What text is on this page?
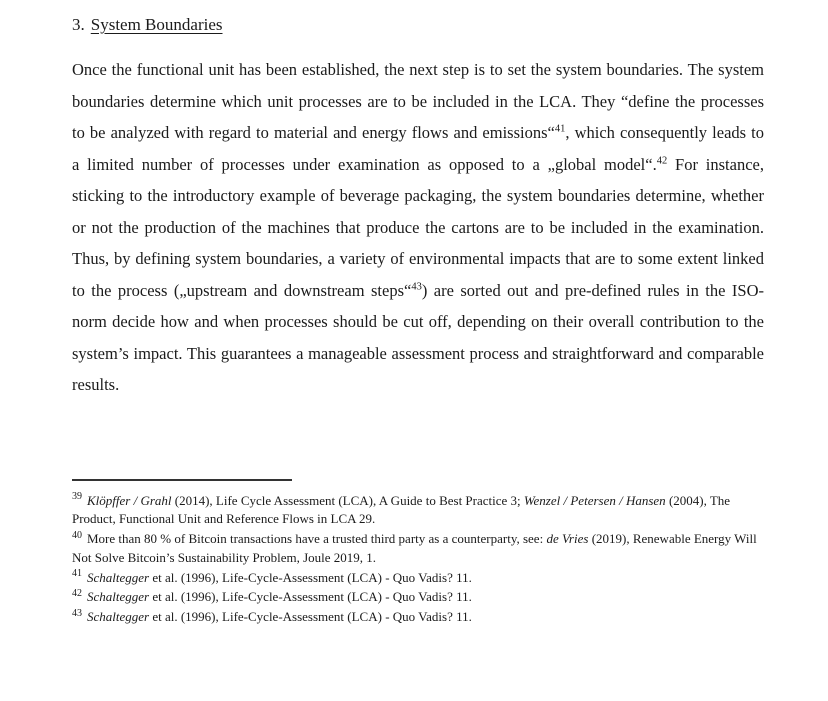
3. System Boundaries

Once the functional unit has been established, the next step is to set the system boundaries. The system boundaries determine which unit processes are to be included in the LCA. They “define the processes to be analyzed with regard to material and energy flows and emissions“$^{41}$, which consequently leads to a limited number of processes under examination as opposed to a „global model“.$^{42}$ For instance, sticking to the introductory example of beverage packaging, the system boundaries determine, whether or not the production of the machines that produce the cartons are to be included in the examination. Thus, by defining system boundaries, a variety of environmental impacts that are to some extent linked to the process („upstream and downstream steps“$^{43}$) are sorted out and pre-defined rules in the ISO-norm decide how and when processes should be cut off, depending on their overall contribution to the system’s impact. This guarantees a manageable assessment process and straightforward and comparable results.

$^{39}$ Klöpffer / Grahl (2014), Life Cycle Assessment (LCA), A Guide to Best Practice 3; Wenzel / Petersen / Hansen (2004), The Product, Functional Unit and Reference Flows in LCA 29.
$^{40}$ More than 80 % of Bitcoin transactions have a trusted third party as a counterparty, see: de Vries (2019), Renewable Energy Will Not Solve Bitcoin’s Sustainability Problem, Joule 2019, 1.
$^{41}$ Schaltegger et al. (1996), Life-Cycle-Assessment (LCA) - Quo Vadis? 11.
$^{42}$ Schaltegger et al. (1996), Life-Cycle-Assessment (LCA) - Quo Vadis? 11.
$^{43}$ Schaltegger et al. (1996), Life-Cycle-Assessment (LCA) - Quo Vadis? 11.
